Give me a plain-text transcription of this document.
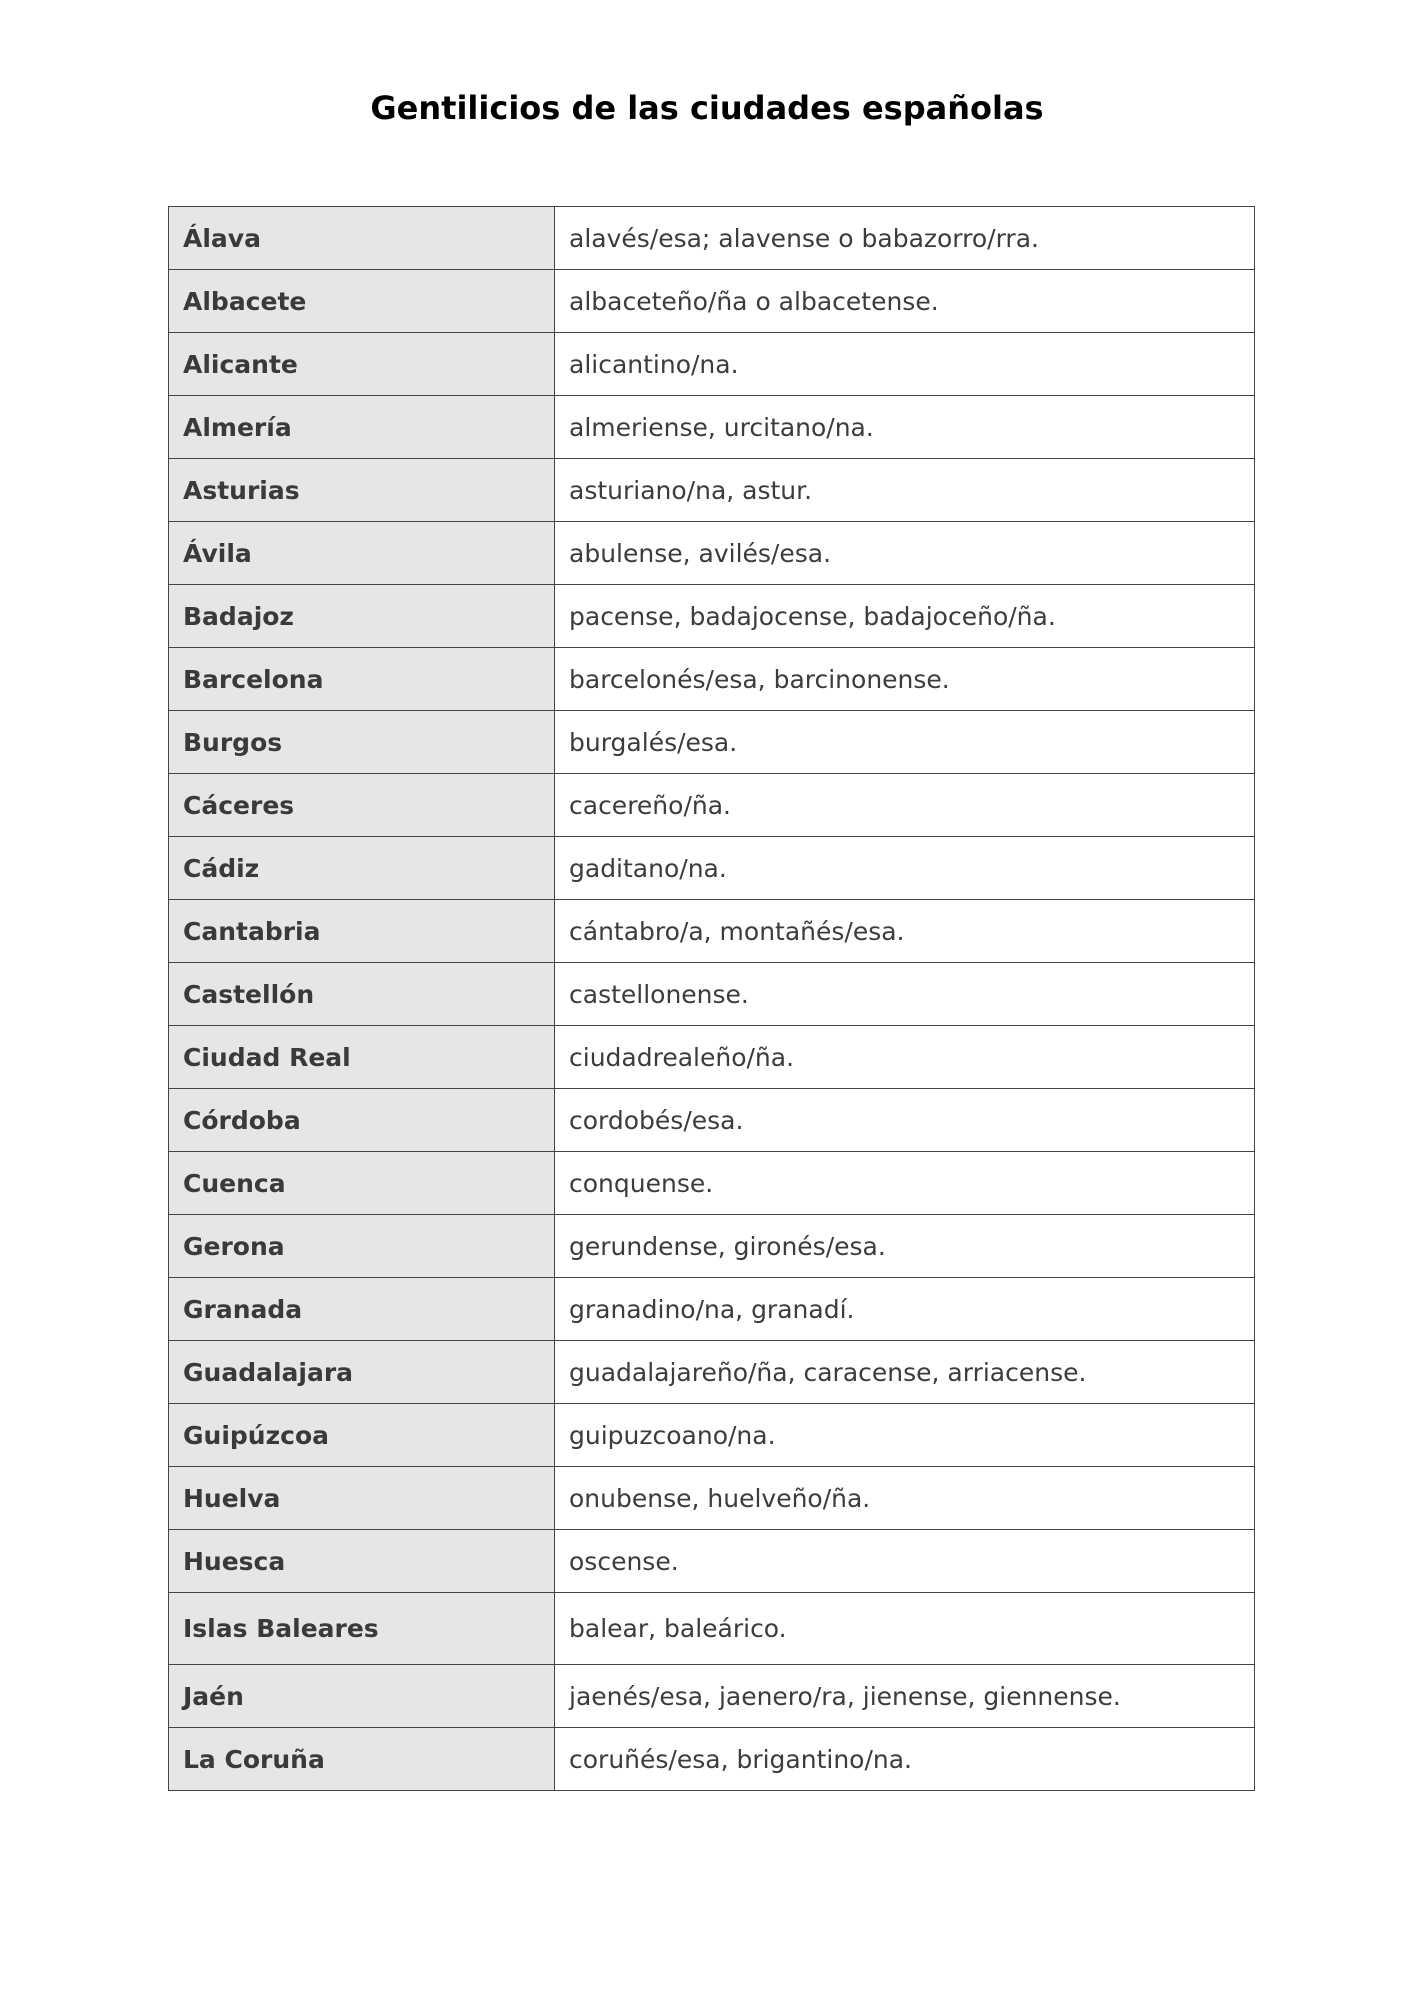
Gentilicios de las ciudades españolas
Álava	alavés/esa; alavense o babazorro/rra.
Albacete	albaceteño/ña o albacetense.
Alicante	alicantino/na.
Almería	almeriense, urcitano/na.
Asturias	asturiano/na, astur.
Ávila	abulense, avilés/esa.
Badajoz	pacense, badajocense, badajoceño/ña.
Barcelona	barcelonés/esa, barcinonense.
Burgos	burgalés/esa.
Cáceres	cacereño/ña.
Cádiz	gaditano/na.
Cantabria	cántabro/a, montañés/esa.
Castellón	castellonense.
Ciudad Real	ciudadrealeño/ña.
Córdoba	cordobés/esa.
Cuenca	conquense.
Gerona	gerundense, gironés/esa.
Granada	granadino/na, granadí.
Guadalajara	guadalajareño/ña, caracense, arriacense.
Guipúzcoa	guipuzcoano/na.
Huelva	onubense, huelveño/ña.
Huesca	oscense.
Islas Baleares	balear, baleárico.
Jaén	jaenés/esa, jaenero/ra, jienense, giennense.
La Coruña	coruñés/esa, brigantino/na.
